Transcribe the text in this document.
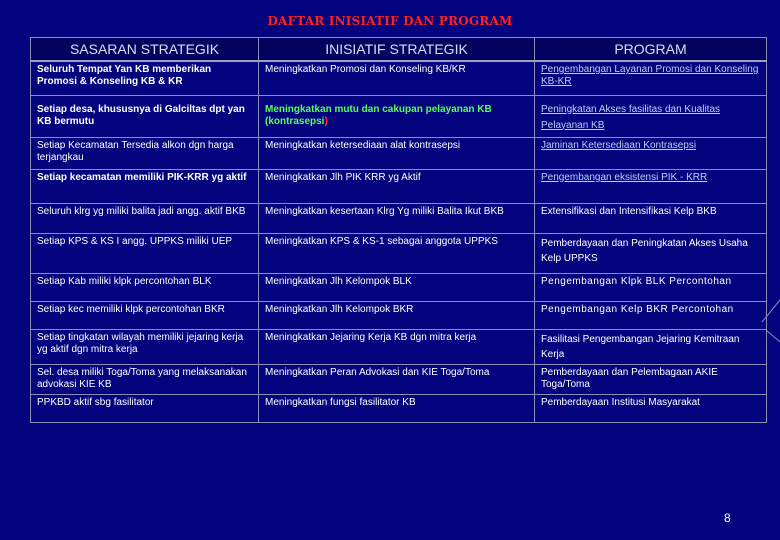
DAFTAR INISIATIF DAN PROGRAM
SASARAN STRATEGIK	INISIATIF STRATEGIK	PROGRAM
Seluruh Tempat Yan KB memberikan Promosi & Konseling KB & KR	Meningkatkan Promosi dan Konseling KB/KR	Pengembangan Layanan Promosi dan Konseling KB-KR
Setiap desa, khususnya di Galciltas dpt yan KB bermutu	Meningkatkan mutu dan cakupan pelayanan KB (kontrasepsi)	Peningkatan Akses fasilitas dan Kualitas Pelayanan KB
Setiap Kecamatan Tersedia alkon dgn harga terjangkau	Meningkatkan ketersediaan alat kontrasepsi	Jaminan Ketersediaan Kontrasepsi
Setiap kecamatan memiliki PIK-KRR yg aktif	Meningkatkan Jlh PIK KRR yg Aktif	Pengembangan eksistensi PIK - KRR
Seluruh klrg yg miliki balita jadi angg. aktif BKB	Meningkatkan kesertaan Klrg Yg miliki Balita Ikut BKB	Extensifikasi dan Intensifikasi Kelp BKB
Setiap KPS & KS I angg. UPPKS miliki UEP	Meningkatkan KPS & KS-1 sebagai anggota UPPKS	Pemberdayaan dan Peningkatan Akses Usaha Kelp UPPKS
Setiap Kab miliki klpk percontohan BLK	Meningkatkan Jlh Kelompok BLK	Pengembangan Klpk BLK Percontohan
Setiap kec memiliki klpk percontohan BKR	Meningkatkan Jlh Kelompok BKR	Pengembangan Kelp BKR Percontohan
Setiap tingkatan wilayah memiliki jejaring kerja yg aktif dgn mitra kerja	Meningkatkan Jejaring Kerja KB dgn mitra kerja	Fasilitasi Pengembangan Jejaring Kemitraan Kerja
Sel. desa miliki Toga/Toma yang melaksanakan advokasi KIE KB	Meningkatkan Peran Advokasi dan KIE Toga/Toma	Pemberdayaan dan Pelembagaan AKIE Toga/Toma
PPKBD aktif sbg fasilitator	Meningkatkan fungsi fasilitator KB	Pemberdayaan Institusi Masyarakat
8
